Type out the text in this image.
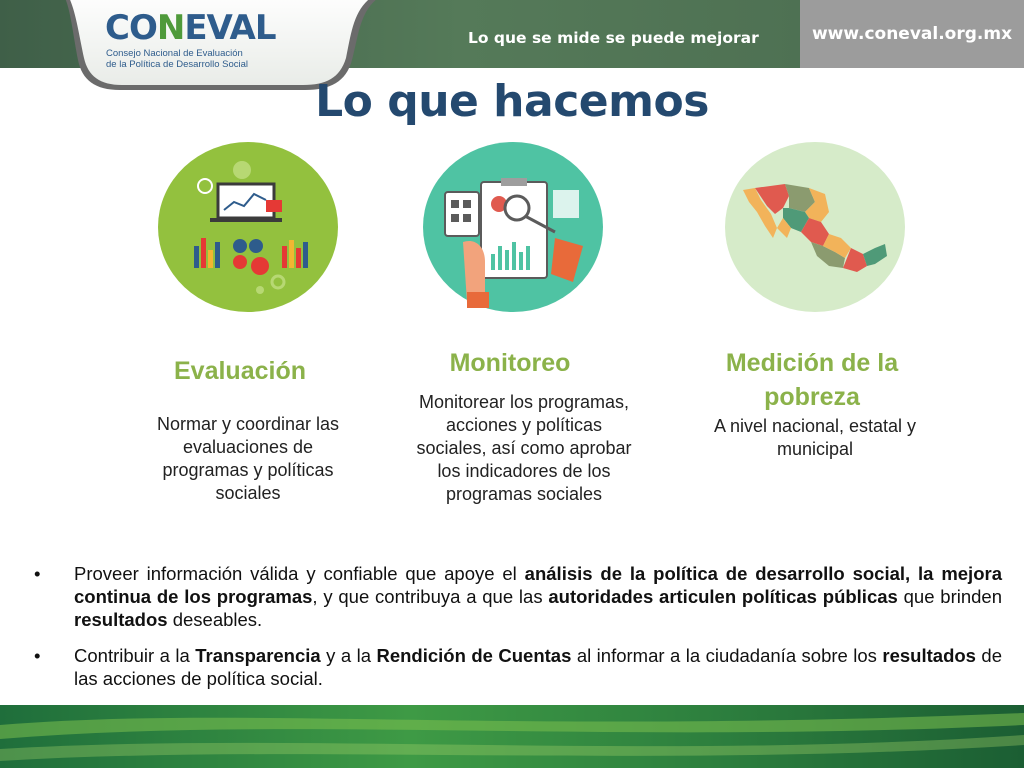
www.coneval.org.mx
Lo que se mide se puede mejorar
CONEVAL
Consejo Nacional de Evaluación
de la Política de Desarrollo Social
Lo que hacemos
Evaluación
Normar y coordinar las evaluaciones de programas y políticas sociales
Monitoreo
Monitorear los programas, acciones y políticas sociales, así como aprobar los indicadores de los programas sociales
Medición de la pobreza
A nivel nacional, estatal y municipal
• Proveer información válida y confiable que apoye el análisis de la política de desarrollo social, la mejora continua de los programas, y que contribuya a que las autoridades articulen políticas públicas que brinden resultados deseables.
• Contribuir a la Transparencia y a la Rendición de Cuentas al informar a la ciudadanía sobre los resultados de las acciones de política social.
